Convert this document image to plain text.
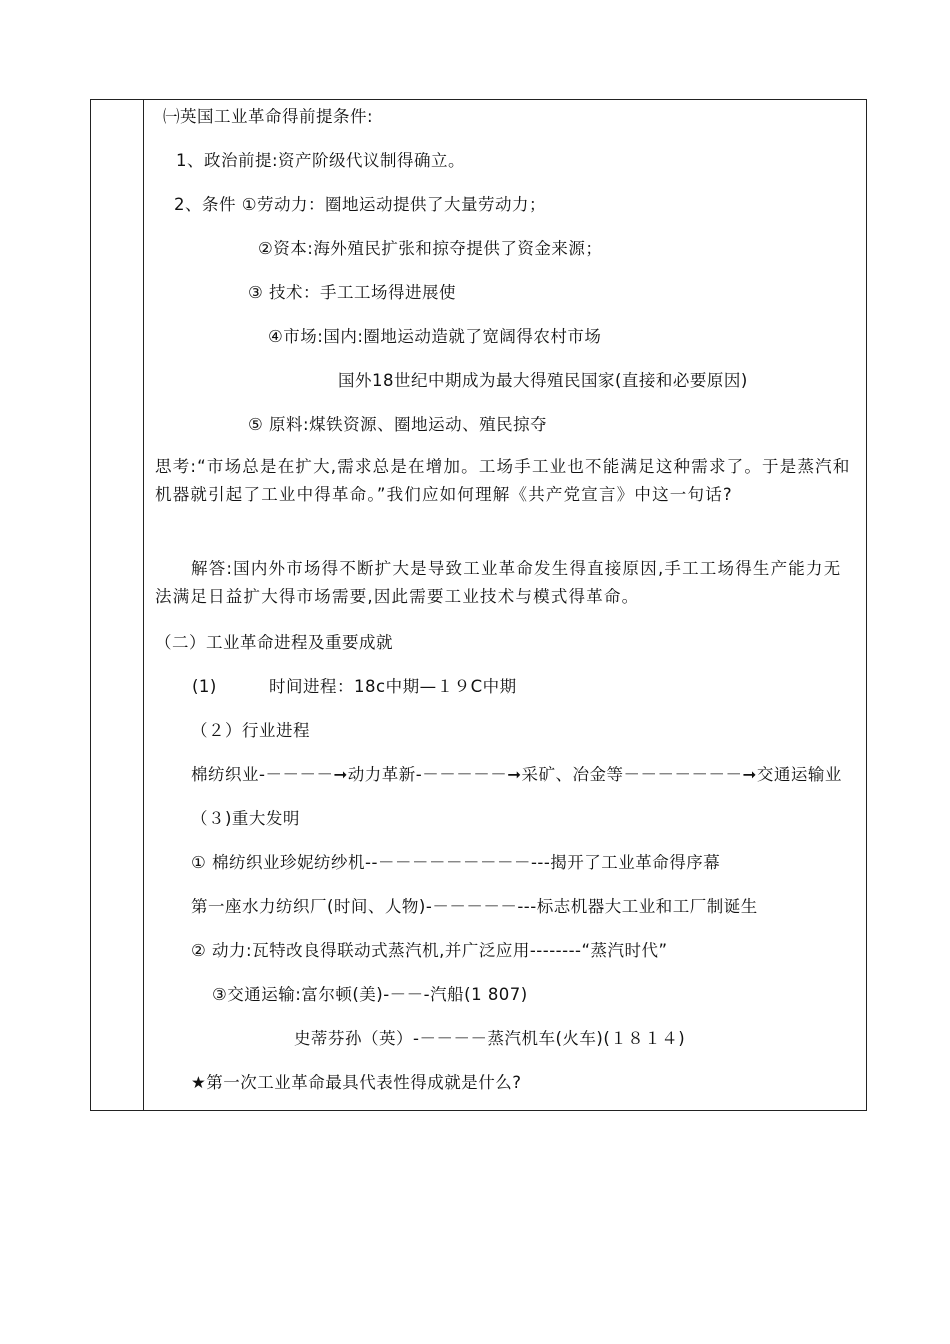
㈠英国工业革命得前提条件:
1、政治前提:资产阶级代议制得确立。
2、条件 ①劳动力：圈地运动提供了大量劳动力；
②资本:海外殖民扩张和掠夺提供了资金来源；
③ 技术：手工工场得进展使
④市场:国内:圈地运动造就了宽阔得农村市场
国外18世纪中期成为最大得殖民国家(直接和必要原因)
⑤ 原料:煤铁资源、圈地运动、殖民掠夺
思考:“市场总是在扩大,需求总是在增加。工场手工业也不能满足这种需求了。于是蒸汽和机器就引起了工业中得革命。”我们应如何理解《共产党宣言》中这一句话?
解答:国内外市场得不断扩大是导致工业革命发生得直接原因,手工工场得生产能力无法满足日益扩大得市场需要,因此需要工业技术与模式得革命。
（二）工业革命进程及重要成就
(1)	时间进程：18c中期—１９C中期
（２）行业进程
棉纺织业-－－－－➞动力革新-－－－－－➞采矿、冶金等－－－－－－－➞交通运输业
（３)重大发明
① 棉纺织业珍妮纺纱机--－－－－－－－－－---揭开了工业革命得序幕
第一座水力纺织厂(时间、人物)-－－－－－---标志机器大工业和工厂制诞生
② 动力:瓦特改良得联动式蒸汽机,并广泛应用--------“蒸汽时代”
③交通运输:富尔顿(美)-－－-汽船(1 807)
史蒂芬孙（英）-－－－－蒸汽机车(火车)(１８１４)
★第一次工业革命最具代表性得成就是什么?
